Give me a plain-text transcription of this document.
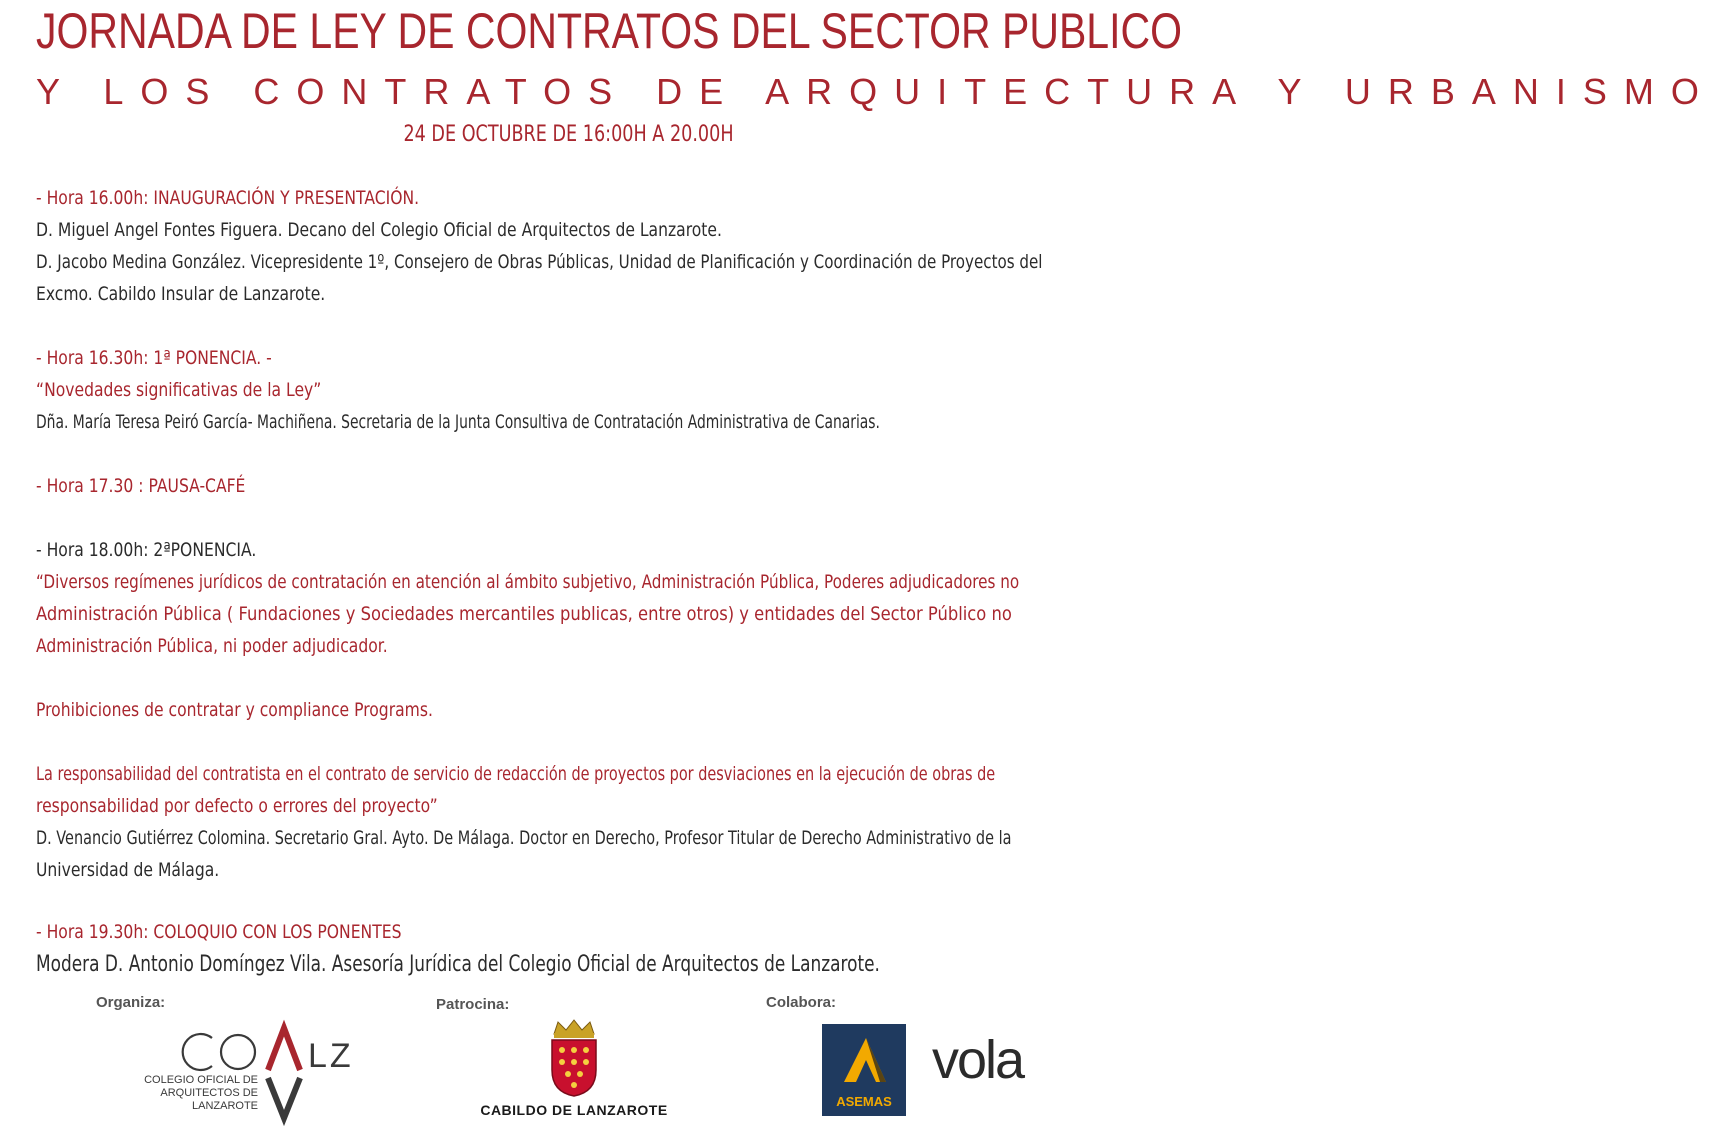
JORNADA DE LEY DE CONTRATOS DEL SECTOR PUBLICO
Y LOS CONTRATOS DE ARQUITECTURA Y URBANISMO
24 DE OCTUBRE DE 16:00H A 20.00H

- Hora 16.00h: INAUGURACIÓN Y PRESENTACIÓN.

D. Miguel Angel Fontes Figuera. Decano del Colegio Oficial de Arquitectos de Lanzarote.

D. Jacobo Medina González. Vicepresidente 1º, Consejero de Obras Públicas, Unidad de Planificación y Coordinación de Proyectos del

Excmo. Cabildo Insular de Lanzarote.

- Hora 16.30h: 1ª PONENCIA. -

“Novedades significativas de la Ley”

Dña. María Teresa Peiró García- Machiñena. Secretaria de la Junta Consultiva de Contratación Administrativa de Canarias.

- Hora 17.30 : PAUSA-CAFÉ

- Hora 18.00h: 2ªPONENCIA.

“Diversos regímenes jurídicos de contratación en atención al ámbito subjetivo, Administración Pública, Poderes adjudicadores no

Administración Pública ( Fundaciones y Sociedades mercantiles publicas, entre otros) y entidades del Sector Público no

Administración Pública, ni poder adjudicador.

Prohibiciones de contratar y compliance Programs.

La responsabilidad del contratista en el contrato de servicio de redacción de proyectos por desviaciones en la ejecución de obras de

responsabilidad por defecto o errores del proyecto”

D. Venancio Gutiérrez Colomina. Secretario Gral. Ayto. De Málaga. Doctor en Derecho, Profesor Titular de Derecho Administrativo de la

Universidad de Málaga.

- Hora 19.30h: COLOQUIO CON LOS PONENTES

Modera D. Antonio Domíngez Vila. Asesoría Jurídica del Colegio Oficial de Arquitectos de Lanzarote.

Organiza:	Patrocina:	Colabora:
LZ
COLEGIO OFICIAL DE
ARQUITECTOS DE
LANZAROTE	CABILDO DE LANZAROTE
ASEMAS
vola
